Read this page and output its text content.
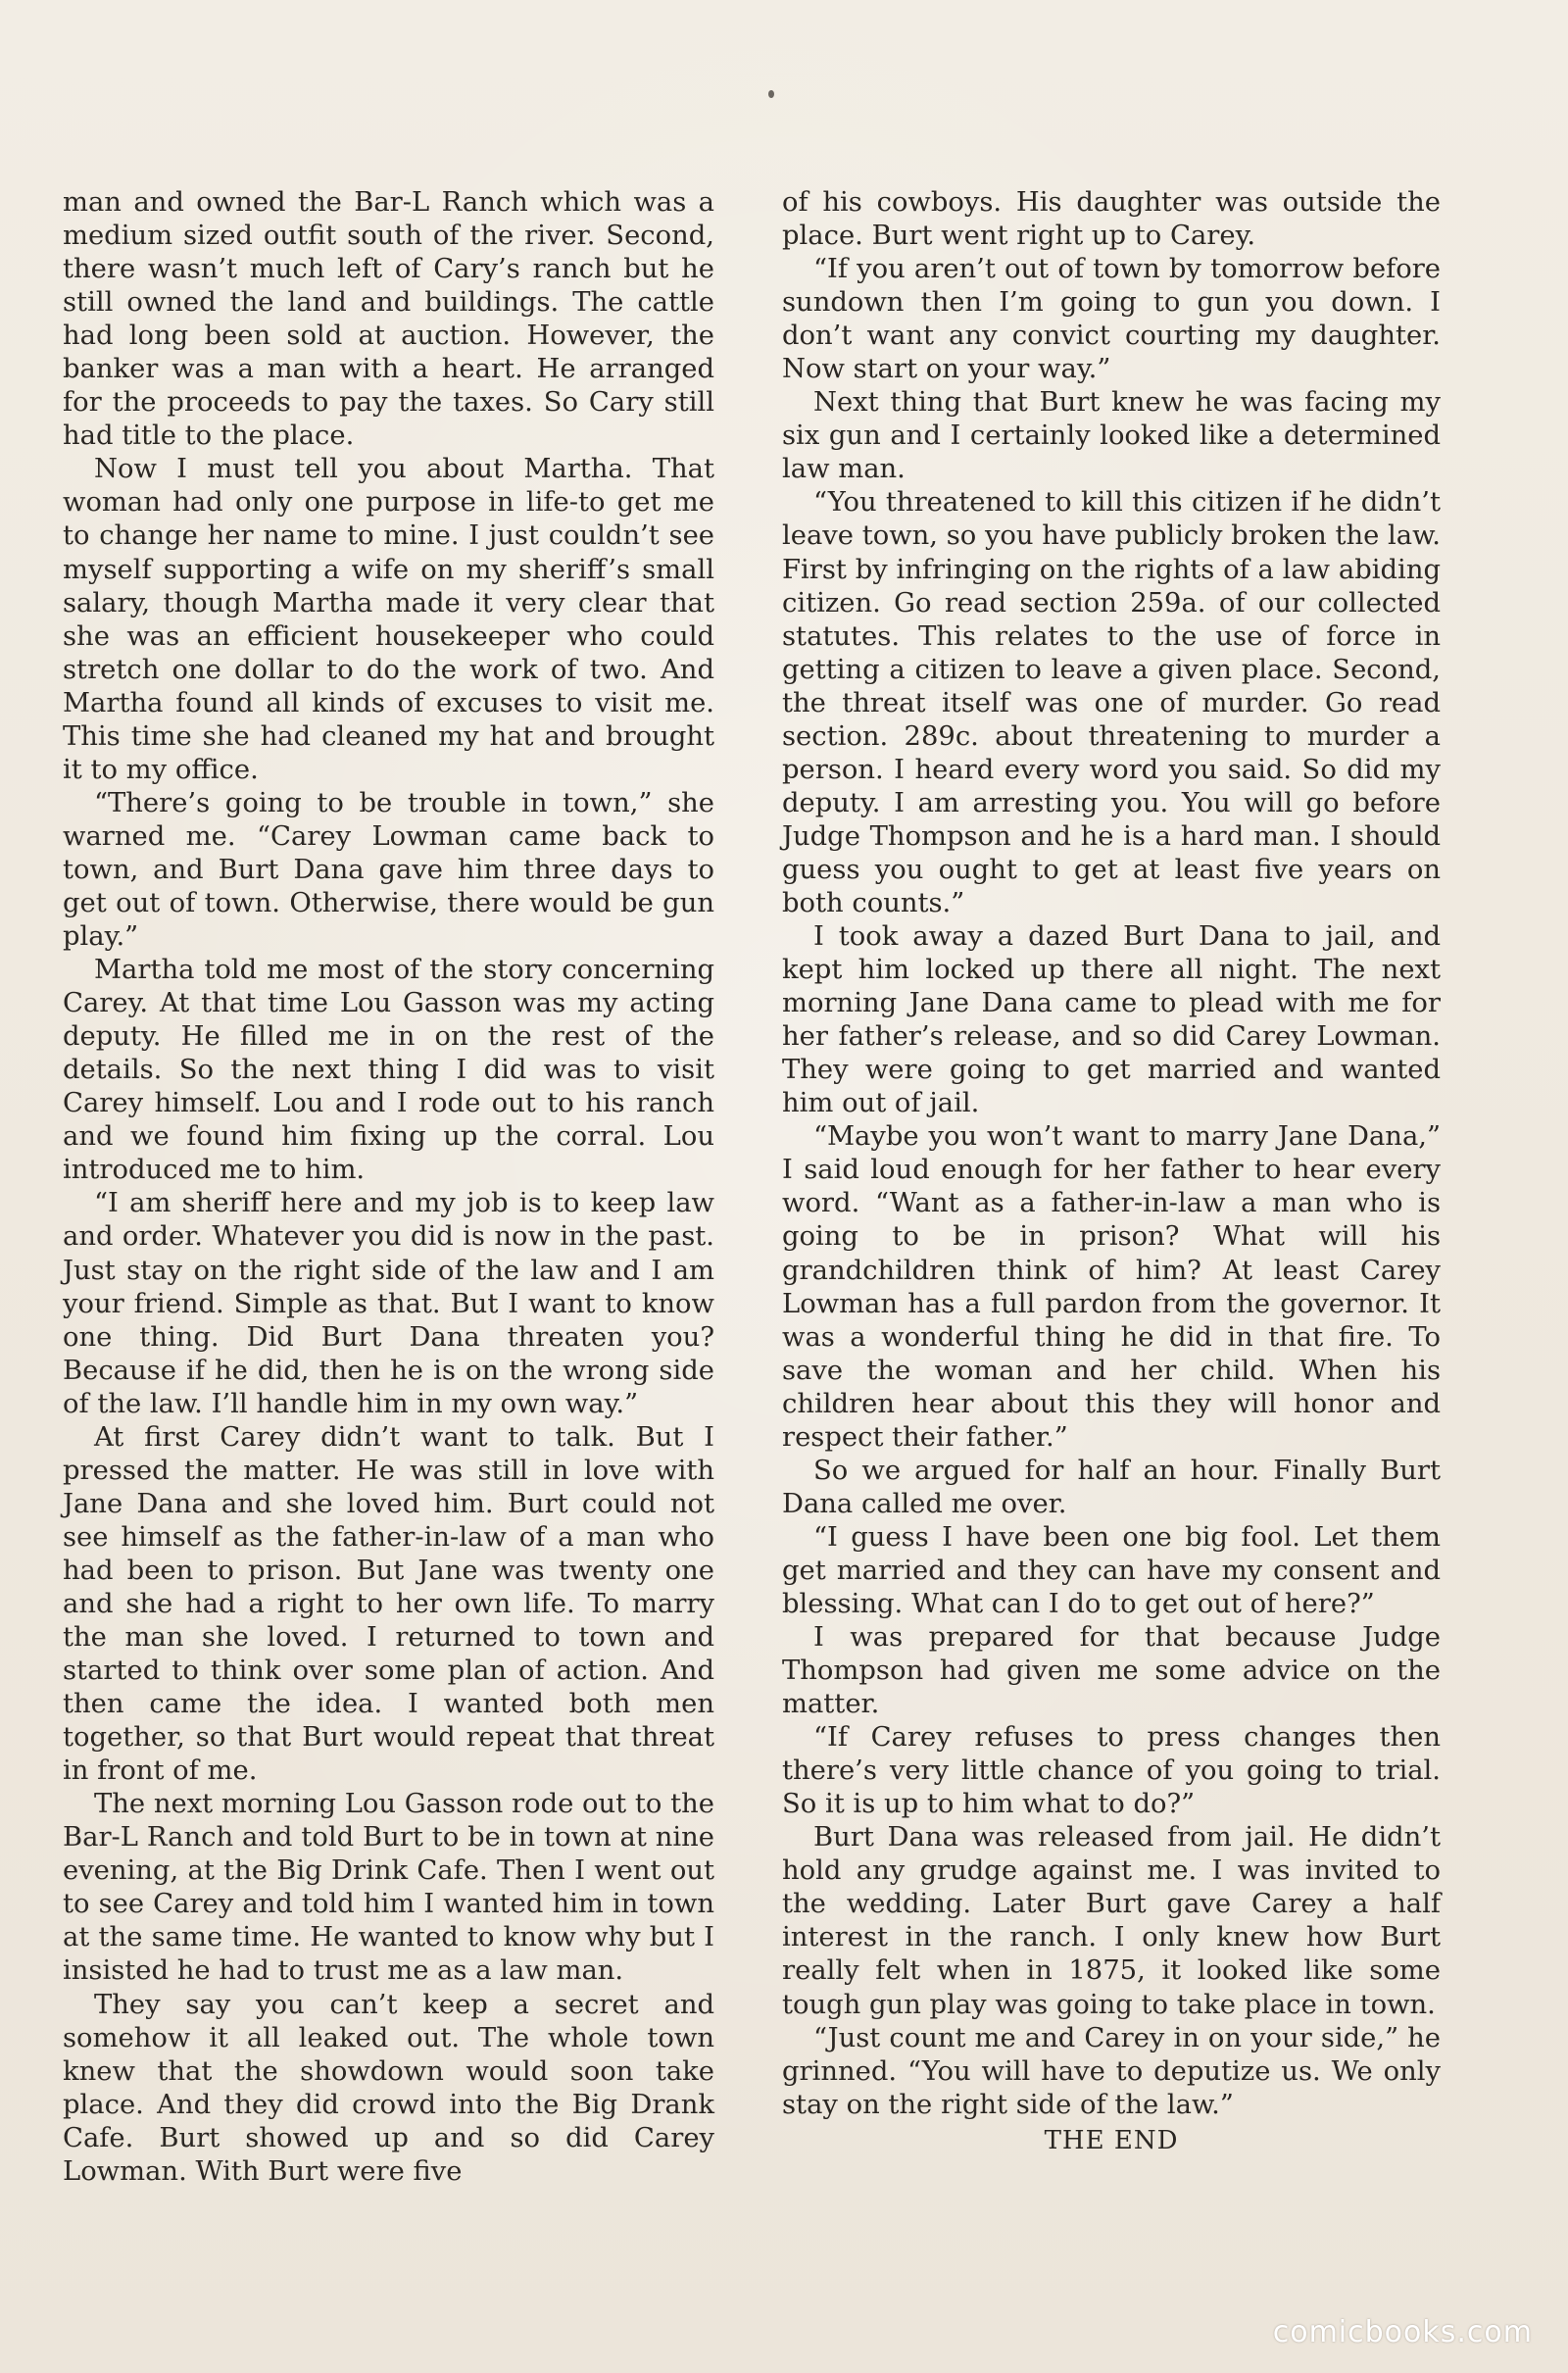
man and owned the Bar-L Ranch which was a medium sized outfit south of the river. Second, there wasn’t much left of Cary’s ranch but he still owned the land and buildings. The cattle had long been sold at auction. However, the banker was a man with a heart. He arranged for the proceeds to pay the taxes. So Cary still had title to the place.

Now I must tell you about Martha. That woman had only one purpose in life-to get me to change her name to mine. I just couldn’t see myself supporting a wife on my sheriff’s small salary, though Martha made it very clear that she was an efficient housekeeper who could stretch one dollar to do the work of two. And Martha found all kinds of excuses to visit me. This time she had cleaned my hat and brought it to my office.

“There’s going to be trouble in town,” she warned me. “Carey Lowman came back to town, and Burt Dana gave him three days to get out of town. Otherwise, there would be gun play.”

Martha told me most of the story concerning Carey. At that time Lou Gasson was my acting deputy. He filled me in on the rest of the details. So the next thing I did was to visit Carey himself. Lou and I rode out to his ranch and we found him fixing up the corral. Lou introduced me to him.

“I am sheriff here and my job is to keep law and order. Whatever you did is now in the past. Just stay on the right side of the law and I am your friend. Simple as that. But I want to know one thing. Did Burt Dana threaten you? Because if he did, then he is on the wrong side of the law. I’ll handle him in my own way.”

At first Carey didn’t want to talk. But I pressed the matter. He was still in love with Jane Dana and she loved him. Burt could not see himself as the father-in-law of a man who had been to prison. But Jane was twenty one and she had a right to her own life. To marry the man she loved. I returned to town and started to think over some plan of action. And then came the idea. I wanted both men together, so that Burt would repeat that threat in front of me.

The next morning Lou Gasson rode out to the Bar-L Ranch and told Burt to be in town at nine evening, at the Big Drink Cafe. Then I went out to see Carey and told him I wanted him in town at the same time. He wanted to know why but I insisted he had to trust me as a law man.

They say you can’t keep a secret and somehow it all leaked out. The whole town knew that the showdown would soon take place. And they did crowd into the Big Drank Cafe. Burt showed up and so did Carey Lowman. With Burt were five

of his cowboys. His daughter was outside the place. Burt went right up to Carey.

“If you aren’t out of town by tomorrow before sundown then I’m going to gun you down. I don’t want any convict courting my daughter. Now start on your way.”

Next thing that Burt knew he was facing my six gun and I certainly looked like a determined law man.

“You threatened to kill this citizen if he didn’t leave town, so you have publicly broken the law. First by infringing on the rights of a law abiding citizen. Go read section 259a. of our collected statutes. This relates to the use of force in getting a citizen to leave a given place. Second, the threat itself was one of murder. Go read section. 289c. about threatening to murder a person. I heard every word you said. So did my deputy. I am arresting you. You will go before Judge Thompson and he is a hard man. I should guess you ought to get at least five years on both counts.”

I took away a dazed Burt Dana to jail, and kept him locked up there all night. The next morning Jane Dana came to plead with me for her father’s release, and so did Carey Lowman. They were going to get married and wanted him out of jail.

“Maybe you won’t want to marry Jane Dana,” I said loud enough for her father to hear every word. “Want as a father-in-law a man who is going to be in prison? What will his grandchildren think of him? At least Carey Lowman has a full pardon from the governor. It was a wonderful thing he did in that fire. To save the woman and her child. When his children hear about this they will honor and respect their father.”

So we argued for half an hour. Finally Burt Dana called me over.

“I guess I have been one big fool. Let them get married and they can have my consent and blessing. What can I do to get out of here?”

I was prepared for that because Judge Thompson had given me some advice on the matter.

“If Carey refuses to press changes then there’s very little chance of you going to trial. So it is up to him what to do?”

Burt Dana was released from jail. He didn’t hold any grudge against me. I was invited to the wedding. Later Burt gave Carey a half interest in the ranch. I only knew how Burt really felt when in 1875, it looked like some tough gun play was going to take place in town.

“Just count me and Carey in on your side,” he grinned. “You will have to deputize us. We only stay on the right side of the law.”

THE END

comicbooks.com
